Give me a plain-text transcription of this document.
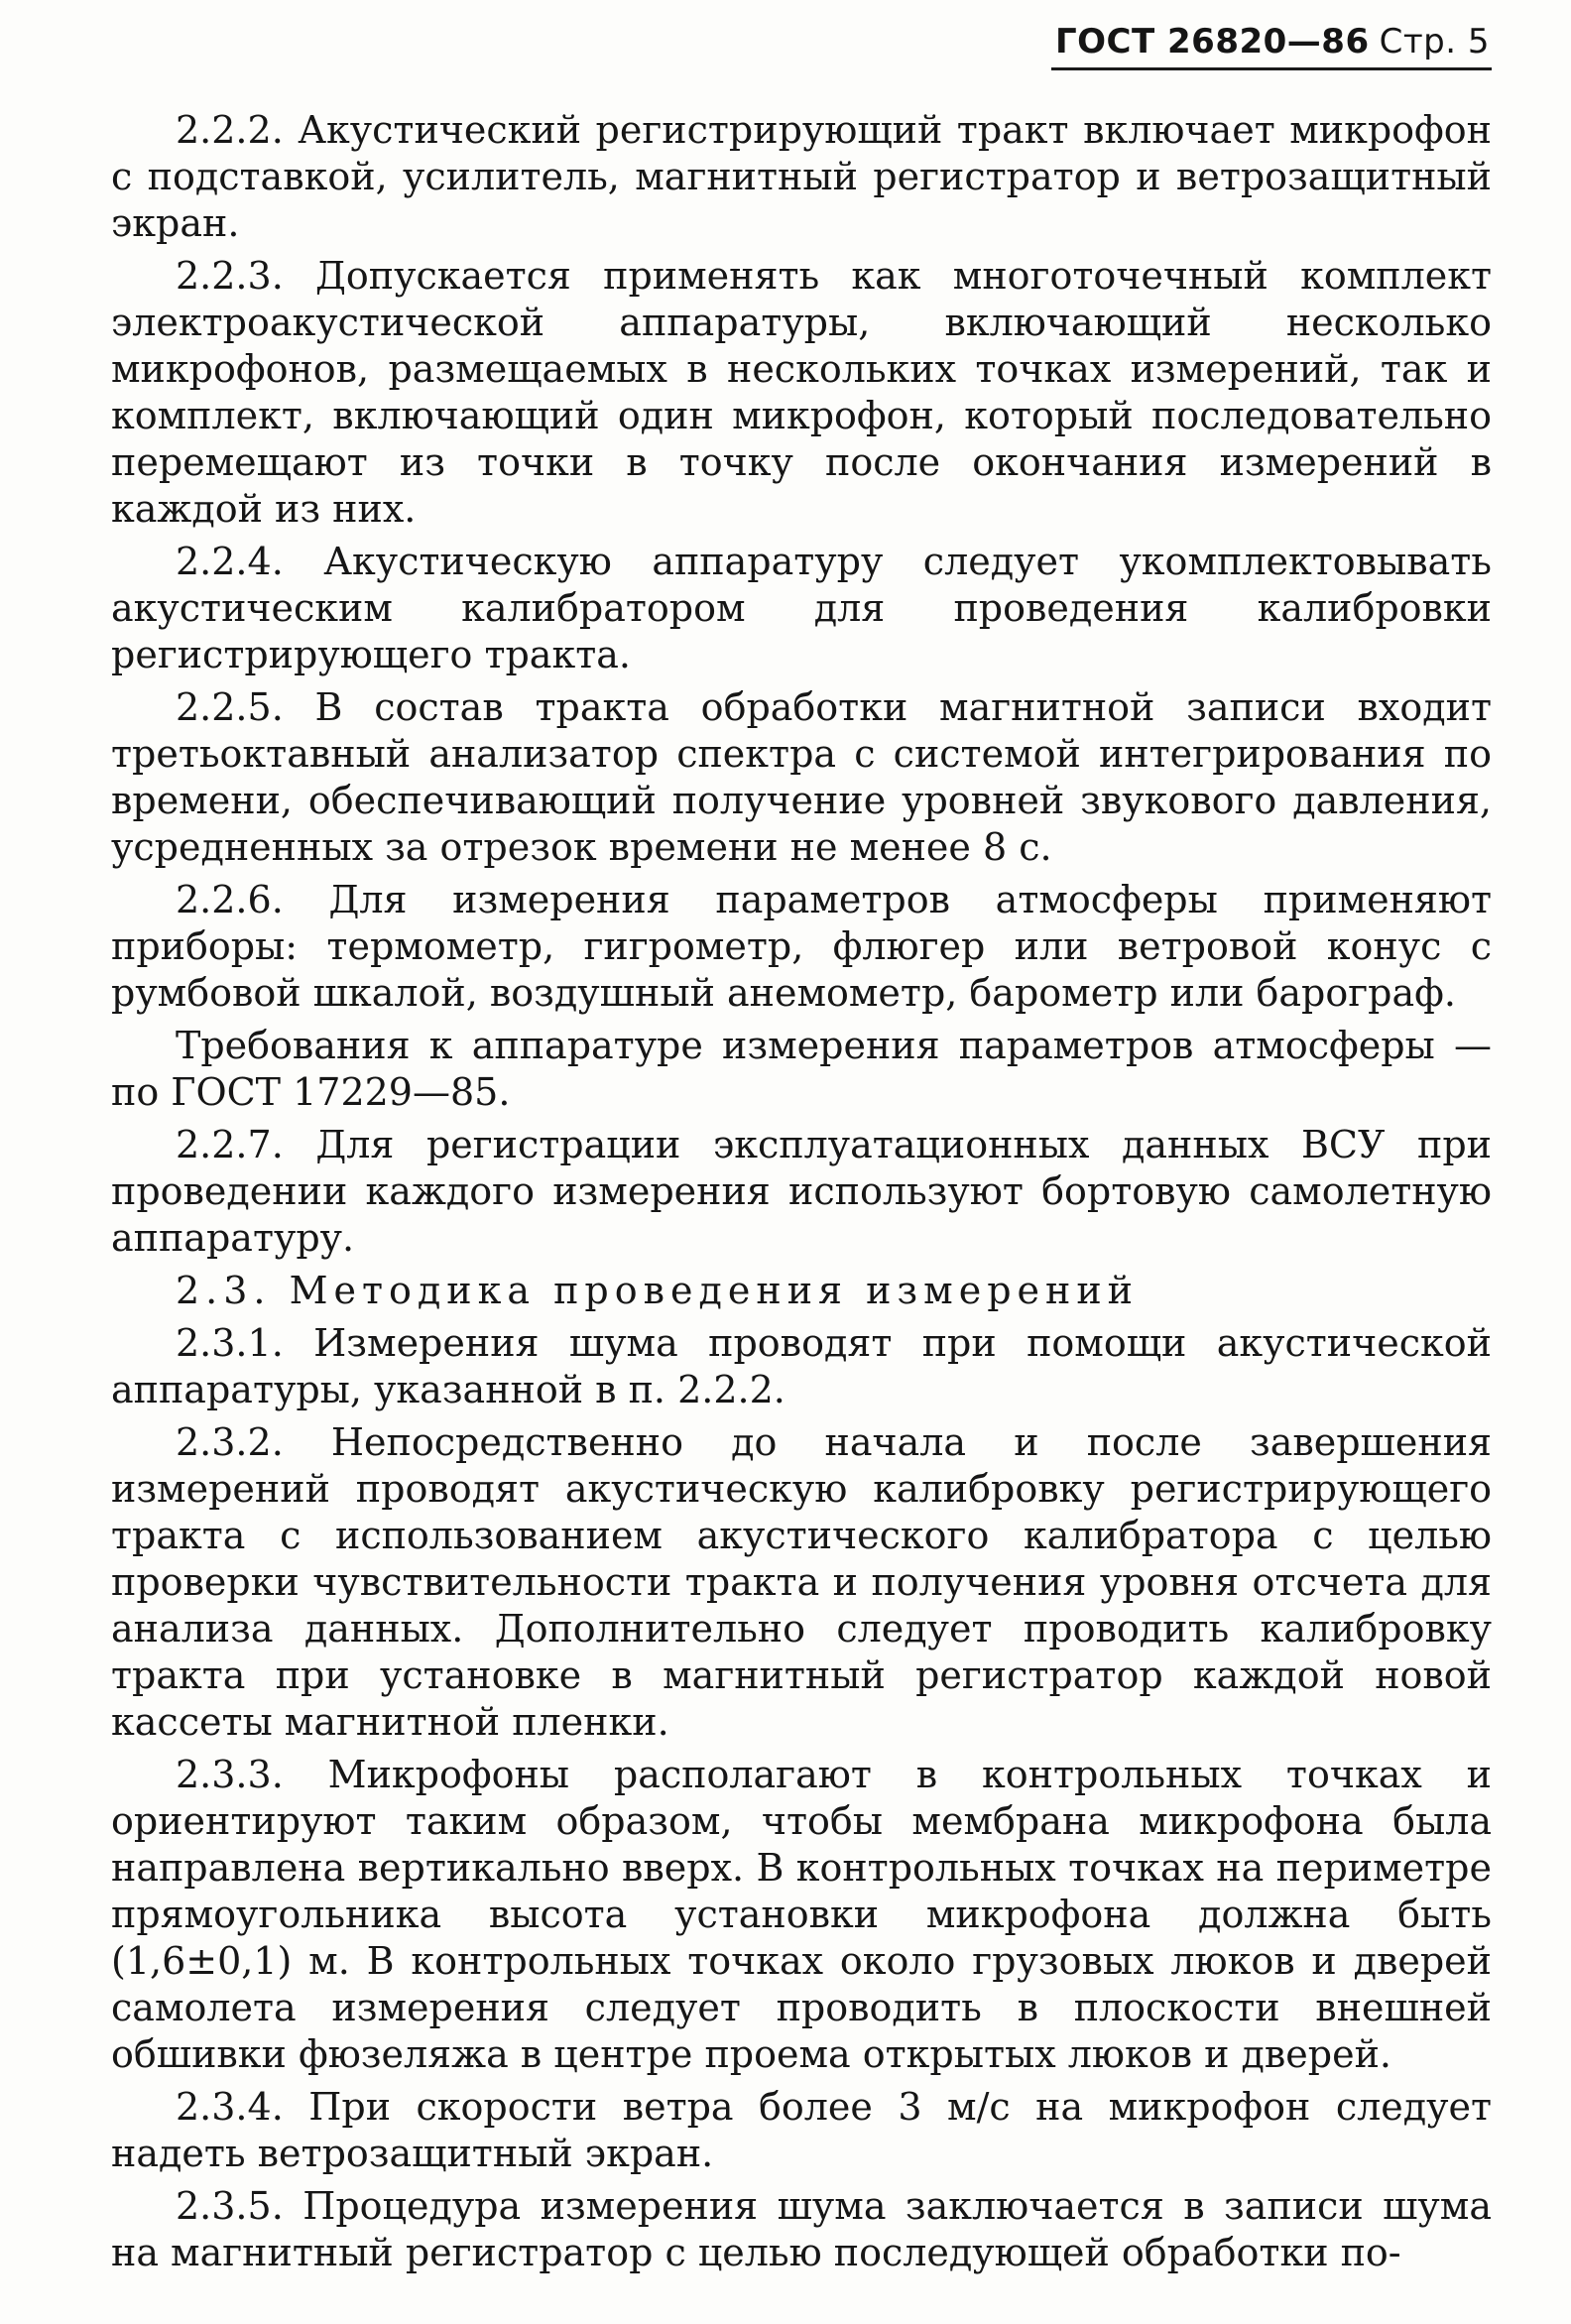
ГОСТ 26820—86 Стр. 5

2.2.2. Акустический регистрирующий тракт включает микрофон с подставкой, усилитель, магнитный регистратор и ветрозащитный экран.

2.2.3. Допускается применять как многоточечный комплект электроакустической аппаратуры, включающий несколько микрофонов, размещаемых в нескольких точках измерений, так и комплект, включающий один микрофон, который последовательно перемещают из точки в точку после окончания измерений в каждой из них.

2.2.4. Акустическую аппаратуру следует укомплектовывать акустическим калибратором для проведения калибровки регистрирующего тракта.

2.2.5. В состав тракта обработки магнитной записи входит третьоктавный анализатор спектра с системой интегрирования по времени, обеспечивающий получение уровней звукового давления, усредненных за отрезок времени не менее 8 с.

2.2.6. Для измерения параметров атмосферы применяют приборы: термометр, гигрометр, флюгер или ветровой конус с румбовой шкалой, воздушный анемометр, барометр или барограф.

Требования к аппаратуре измерения параметров атмосферы — по ГОСТ 17229—85.

2.2.7. Для регистрации эксплуатационных данных ВСУ при проведении каждого измерения используют бортовую самолетную аппаратуру.

2.3. Методика проведения измерений

2.3.1. Измерения шума проводят при помощи акустической аппаратуры, указанной в п. 2.2.2.

2.3.2. Непосредственно до начала и после завершения измерений проводят акустическую калибровку регистрирующего тракта с использованием акустического калибратора с целью проверки чувствительности тракта и получения уровня отсчета для анализа данных. Дополнительно следует проводить калибровку тракта при установке в магнитный регистратор каждой новой кассеты магнитной пленки.

2.3.3. Микрофоны располагают в контрольных точках и ориентируют таким образом, чтобы мембрана микрофона была направлена вертикально вверх. В контрольных точках на периметре прямоугольника высота установки микрофона должна быть (1,6±0,1) м. В контрольных точках около грузовых люков и дверей самолета измерения следует проводить в плоскости внешней обшивки фюзеляжа в центре проема открытых люков и дверей.

2.3.4. При скорости ветра более 3 м/с на микрофон следует надеть ветрозащитный экран.

2.3.5. Процедура измерения шума заключается в записи шума на магнитный регистратор с целью последующей обработки по-
